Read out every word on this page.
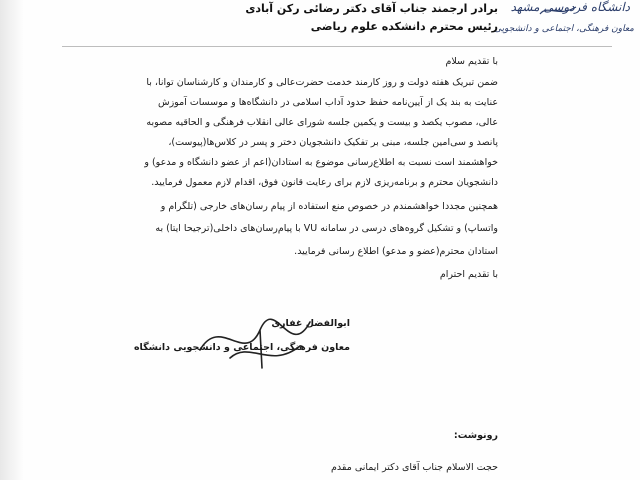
دانشگاه فردوسی مشهد
معاون فرهنگی، اجتماعی و دانشجویی
برادر ارجمند جناب آقای دکتر رضائی رکن آبادی
رئیس محترم دانشکده علوم ریاضی
با تقدیم سلام
ضمن تبریک هفته دولت و روز کارمند خدمت حضرت‌عالی و کارمندان و کارشناسان توانا، با
عنایت به بند یک از آیین‌نامه حفظ حدود آداب اسلامی در دانشگاه‌ها و موسسات آموزش
عالی، مصوب یکصد و بیست و یکمین جلسه شورای عالی انقلاب فرهنگی و الحاقیه مصوبه
پانصد و سی‌امین جلسه، مبنی بر تفکیک دانشجویان دختر و پسر در کلاس‌ها(پیوست)،
خواهشمند است نسبت به اطلاع‌رسانی موضوع به استادان(اعم از عضو دانشگاه و مدعو) و
دانشجویان محترم و برنامه‌ریزی لازم برای رعایت قانون فوق، اقدام لازم معمول فرمایید.
همچنین مجددا خواهشمندم در خصوص منع استفاده از پیام رسان‌های خارجی (تلگرام و
واتساپ) و تشکیل گروه‌های درسی در سامانه VU با پیام‌رسان‌های داخلی(ترجیحا ایتا) به
استادان محترم(عضو و مدعو) اطلاع رسانی فرمایید.
با تقدیم احترام
ابوالفضل غفاری
معاون فرهنگی، اجتماعی و دانشجویی دانشگاه
رونوشت:
حجت الاسلام جناب آقای دکتر ایمانی مقدم
